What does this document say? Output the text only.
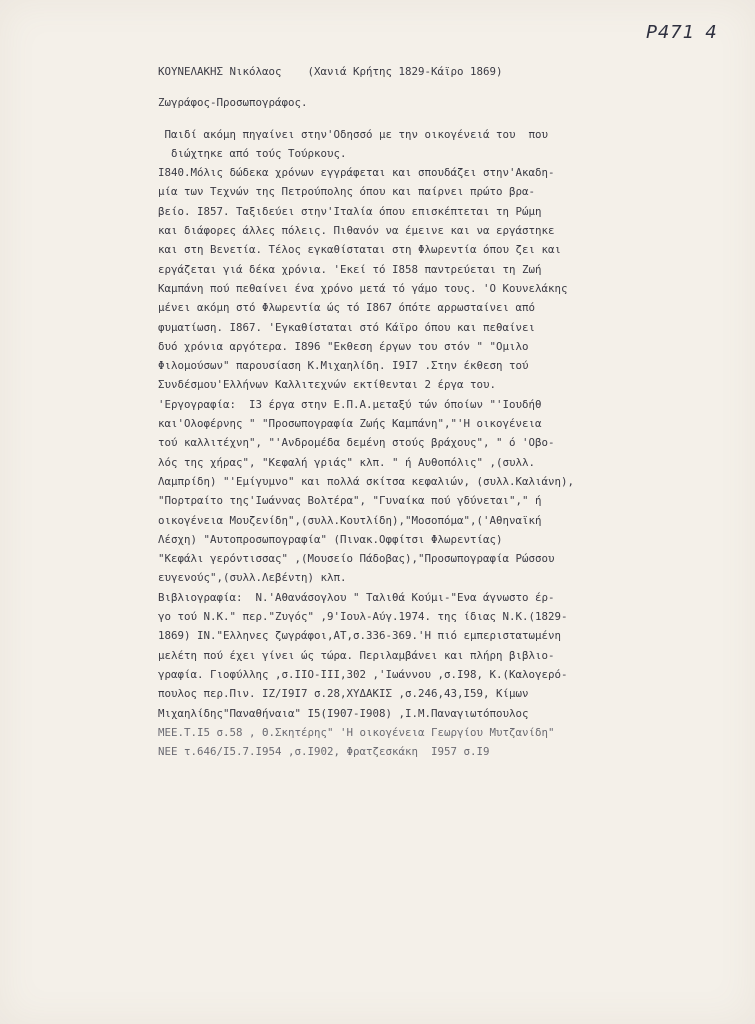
P471 4
ΚΟΥΝΕΛΑΚΗΣ Νικόλαος    (Χανιά Κρήτης 1829-Κάϊρο 1869)
Ζωγράφος-Προσωπογράφος.
Παιδί ακόμη πηγαίνει στην'Οδησσό με την οικογένειά του  που
διώχτηκε από τούς Τούρκους.
I840.Μόλις δώδεκα χρόνων εγγράφεται και σπουδάζει στην'Ακαδη-
μία των Τεχνών της Πετρούπολης όπου και παίρνει πρώτο βρα-
βείο. I857. Ταξιδεύει στην'Ιταλία όπου επισκέπτεται τη Ρώμη
και διάφορες άλλες πόλεις. Πιθανόν να έμεινε και να εργάστηκε
και στη Βενετία. Τέλος εγκαθίσταται στη Φλωρεντία όπου ζει και
εργάζεται γιά δέκα χρόνια. 'Εκεί τό I858 παντρεύεται τη Ζωή
Καμπάνη πού πεθαίνει ένα χρόνο μετά τό γάμο τους. 'Ο Κουνελάκης
μένει ακόμη στό Φλωρεντία ώς τό I867 όπότε αρρωσταίνει από
φυματίωση. I867. 'Εγκαθίσταται στό Κάϊρο όπου και πεθαίνει
δυό χρόνια αργότερα. I896 "Εκθεση έργων του στόν " "Ομιλο
Φιλομούσων" παρουσίαση Κ.Μιχαηλίδη. I9I7 .Στην έκθεση τού
Συνδέσμου'Ελλήνων Καλλιτεχνών εκτίθενται 2 έργα του.
'Εργογραφία:  I3 έργα στην Ε.Π.Α.μεταξύ τών όποίων "'Ιουδήθ
και'Ολοφέρνης " "Προσωπογραφία Ζωής Καμπάνη","'Η οικογένεια
τού καλλιτέχνη", "'Ανδρομέδα δεμένη στούς βράχους", " ό 'Οβο-
λός της χήρας", "Κεφαλή γριάς" κλπ. " ή Αυθοπόλις" ,(συλλ.
Λαμπρίδη) "'Εμίγυμνο" και πολλά σκίτσα κεφαλιών, (συλλ.Καλιάνη),
"Πορτραίτο της'Ιωάννας Βολτέρα", "Γυναίκα πού γδύνεται"," ή
οικογένεια Μουζενίδη",(συλλ.Κουτλίδη),"Μοσοπόμα",('Αθηναϊκή
Λέσχη) "Αυτοπροσωπογραφία" (Πινακ.Οφφίτσι Φλωρεντίας)
"Κεφάλι γερόντισσας" ,(Μουσείο Πάδοβας),"Προσωπογραφία Ρώσσου
ευγενούς",(συλλ.Λεβέντη) κλπ.
Βιβλιογραφία:  Ν.'Αθανάσογλου " Ταλιθά Κούμι-"Ενα άγνωστο έρ-
γο τού Ν.Κ." περ."Ζυγός" ,9'Ιουλ-Αύγ.1974. της ίδιας Ν.Κ.(1829-
1869) ΙΝ."Ελληνες ζωγράφοι,ΑΤ,σ.336-369.'Η πιό εμπεριστατωμένη
μελέτη πού έχει γίνει ώς τώρα. Περιλαμβάνει και πλήρη βιβλιο-
γραφία. Γιοφύλλης ,σ.IIO-III,302 ,'Ιωάννου ,σ.I98, Κ.(Καλογερό-
πουλος περ.Πιν. ΙΖ/I9I7 σ.28,ΧΥΔΑΚΙΣ ,σ.246,43,I59, Κίμων
Μιχαηλίδης"Παναθήναια" I5(I907-I908) ,Ι.Μ.Παναγιωτόπουλος
ΜΕΕ.Τ.I5 σ.58 , Θ.Σκητέρης" 'Η οικογένεια Γεωργίου Μυτζανίδη"
ΝΕΕ τ.646/I5.7.I954 ,σ.I902, Φρατζεσκάκη  I957 σ.I9
